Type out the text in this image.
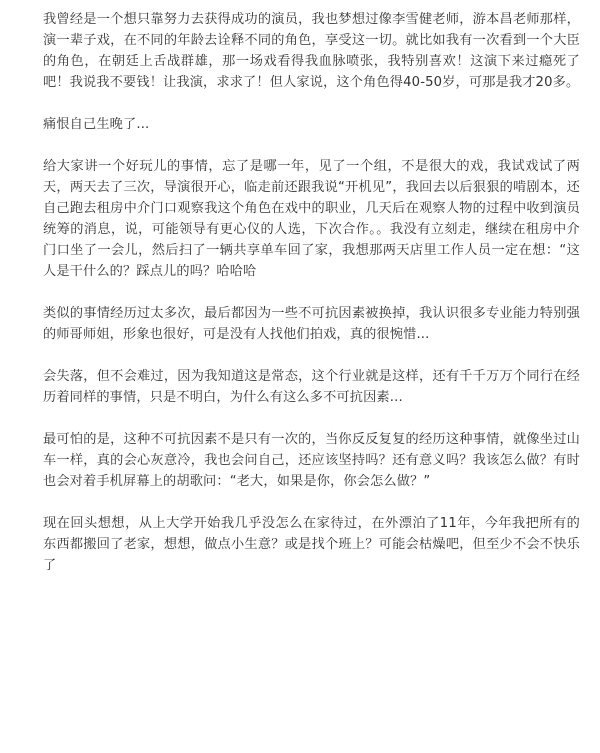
我曾经是一个想只靠努力去获得成功的演员，我也梦想过像李雪健老师，游本昌老师那样，演一辈子戏，在不同的年龄去诠释不同的角色，享受这一切。就比如我有一次看到一个大臣的角色，在朝廷上舌战群雄，那一场戏看得我血脉喷张，我特别喜欢！这演下来过瘾死了吧！我说我不要钱！让我演，求求了！但人家说，这个角色得40-50岁，可那是我才20多。

痛恨自己生晚了...

给大家讲一个好玩儿的事情，忘了是哪一年，见了一个组，不是很大的戏，我试戏试了两天，两天去了三次，导演很开心，临走前还跟我说“开机见”，我回去以后狠狠的啃剧本，还自己跑去租房中介门口观察我这个角色在戏中的职业，几天后在观察人物的过程中收到演员统筹的消息，说，可能领导有更心仪的人选，下次合作。。我没有立刻走，继续在租房中介门口坐了一会儿，然后扫了一辆共享单车回了家，我想那两天店里工作人员一定在想：“这人是干什么的？踩点儿的吗？哈哈哈

类似的事情经历过太多次，最后都因为一些不可抗因素被换掉，我认识很多专业能力特别强的师哥师姐，形象也很好，可是没有人找他们拍戏，真的很惋惜...

会失落，但不会难过，因为我知道这是常态，这个行业就是这样，还有千千万万个同行在经历着同样的事情，只是不明白，为什么有这么多不可抗因素...

最可怕的是，这种不可抗因素不是只有一次的，当你反反复复的经历这种事情，就像坐过山车一样，真的会心灰意冷，我也会问自己，还应该坚持吗？还有意义吗？我该怎么做？有时也会对着手机屏幕上的胡歌问：“老大，如果是你，你会怎么做？”

现在回头想想，从上大学开始我几乎没怎么在家待过，在外漂泊了11年，今年我把所有的东西都搬回了老家，想想，做点小生意？或是找个班上？可能会枯燥吧，但至少不会不快乐了
